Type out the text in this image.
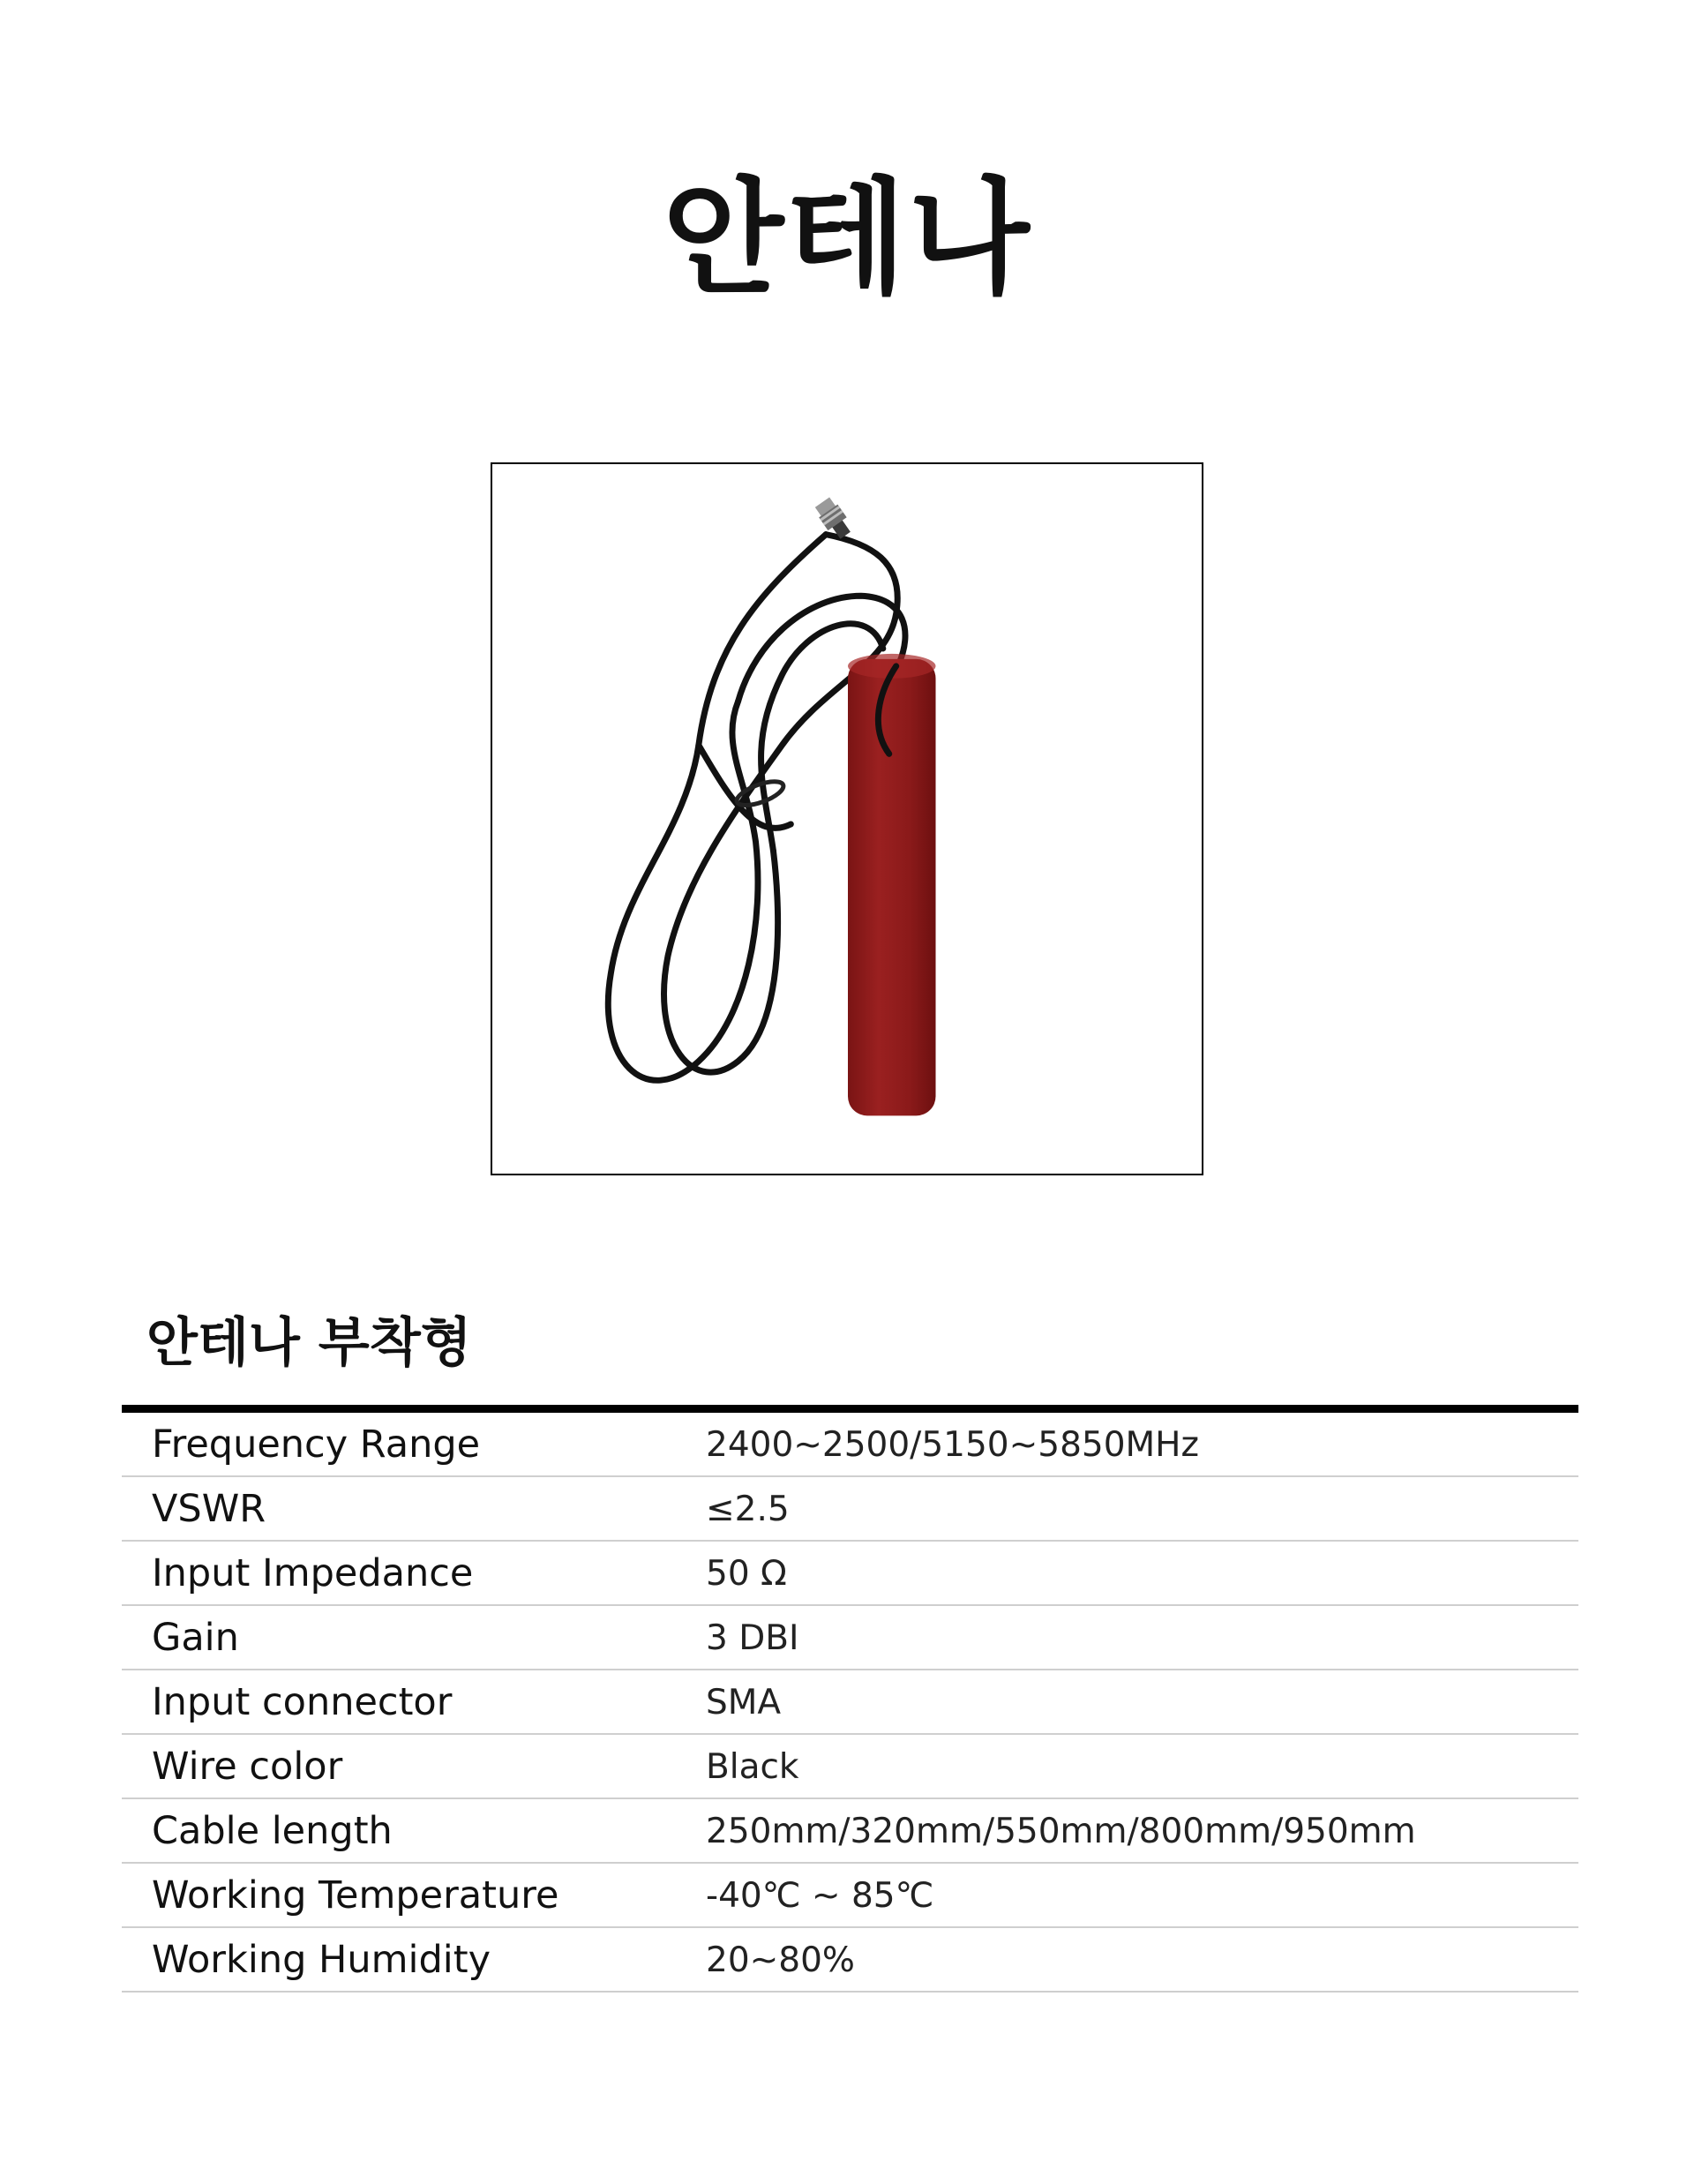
안테나
안테나 부착형
Frequency Range	2400~2500/5150~5850MHz
VSWR	≤2.5
Input Impedance	50 Ω
Gain	3 DBI
Input connector	SMA
Wire color	Black
Cable length	250mm/320mm/550mm/800mm/950mm
Working Temperature	-40℃ ~ 85℃
Working Humidity	20~80%
